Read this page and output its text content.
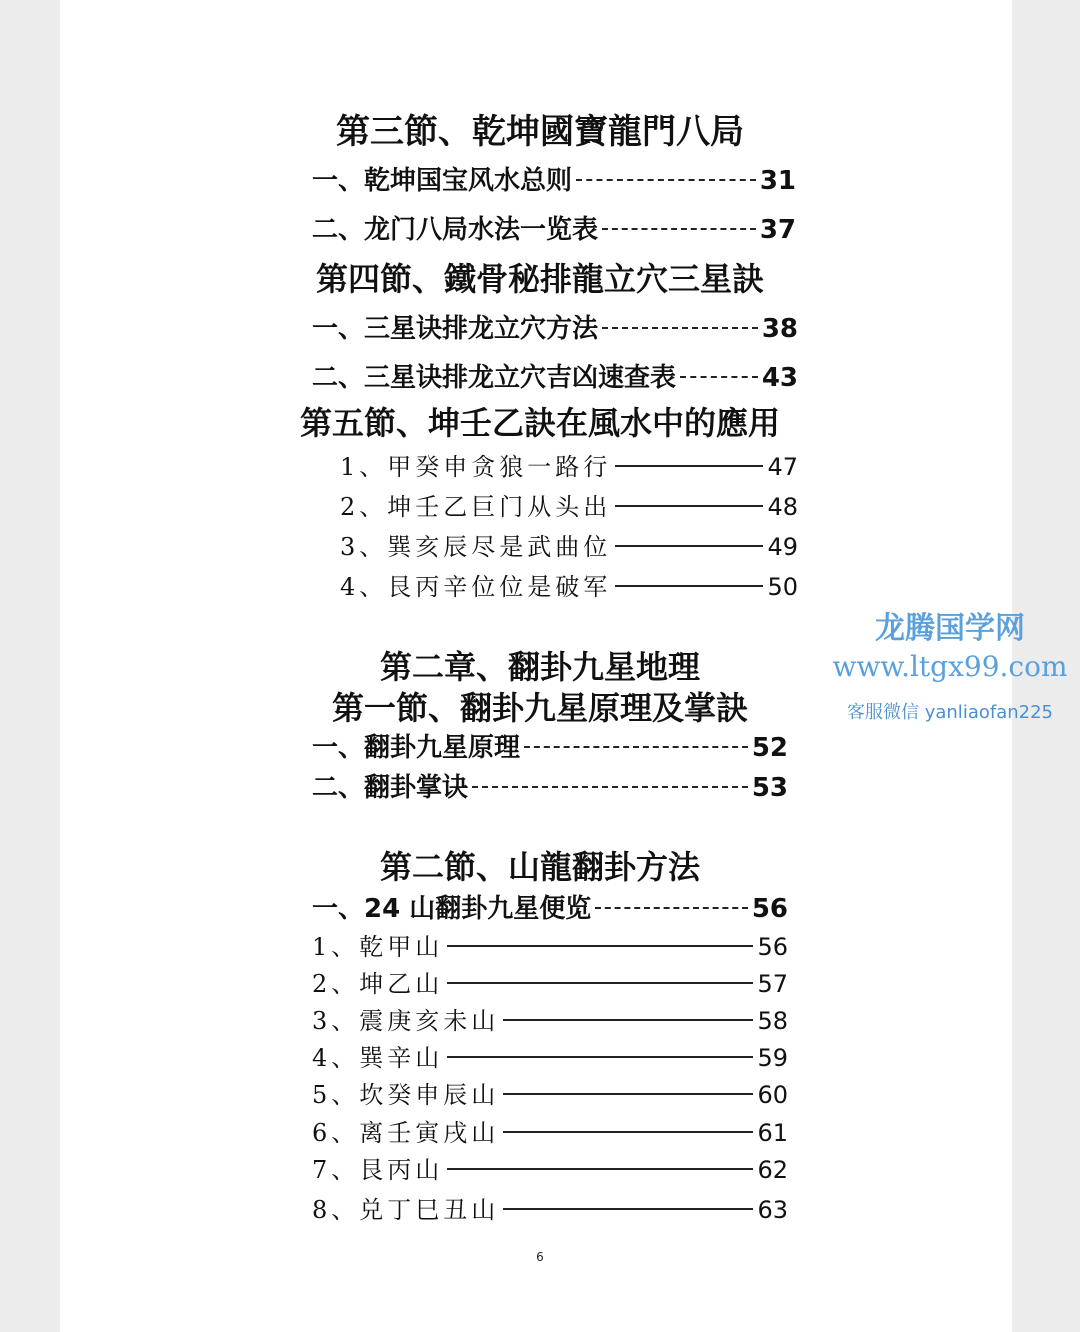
第三節、乾坤國寶龍門八局
一、乾坤国宝风水总则	31
二、龙门八局水法一览表	37
第四節、鐵骨秘排龍立穴三星訣
一、三星诀排龙立穴方法	38
二、三星诀排龙立穴吉凶速查表	43
第五節、坤壬乙訣在風水中的應用
1、甲癸申贪狼一路行	47
2、坤壬乙巨门从头出	48
3、巽亥辰尽是武曲位	49
4、艮丙辛位位是破军	50
第二章、翻卦九星地理
第一節、翻卦九星原理及掌訣
一、翻卦九星原理	52
二、翻卦掌诀	53
第二節、山龍翻卦方法
一、24 山翻卦九星便览	56
1、乾甲山	56
2、坤乙山	57
3、震庚亥未山	58
4、巽辛山	59
5、坎癸申辰山	60
6、离壬寅戌山	61
7、艮丙山	62
8、兑丁巳丑山	63
6
龙腾国学网
www.ltgx99.com
客服微信 yanliaofan225
